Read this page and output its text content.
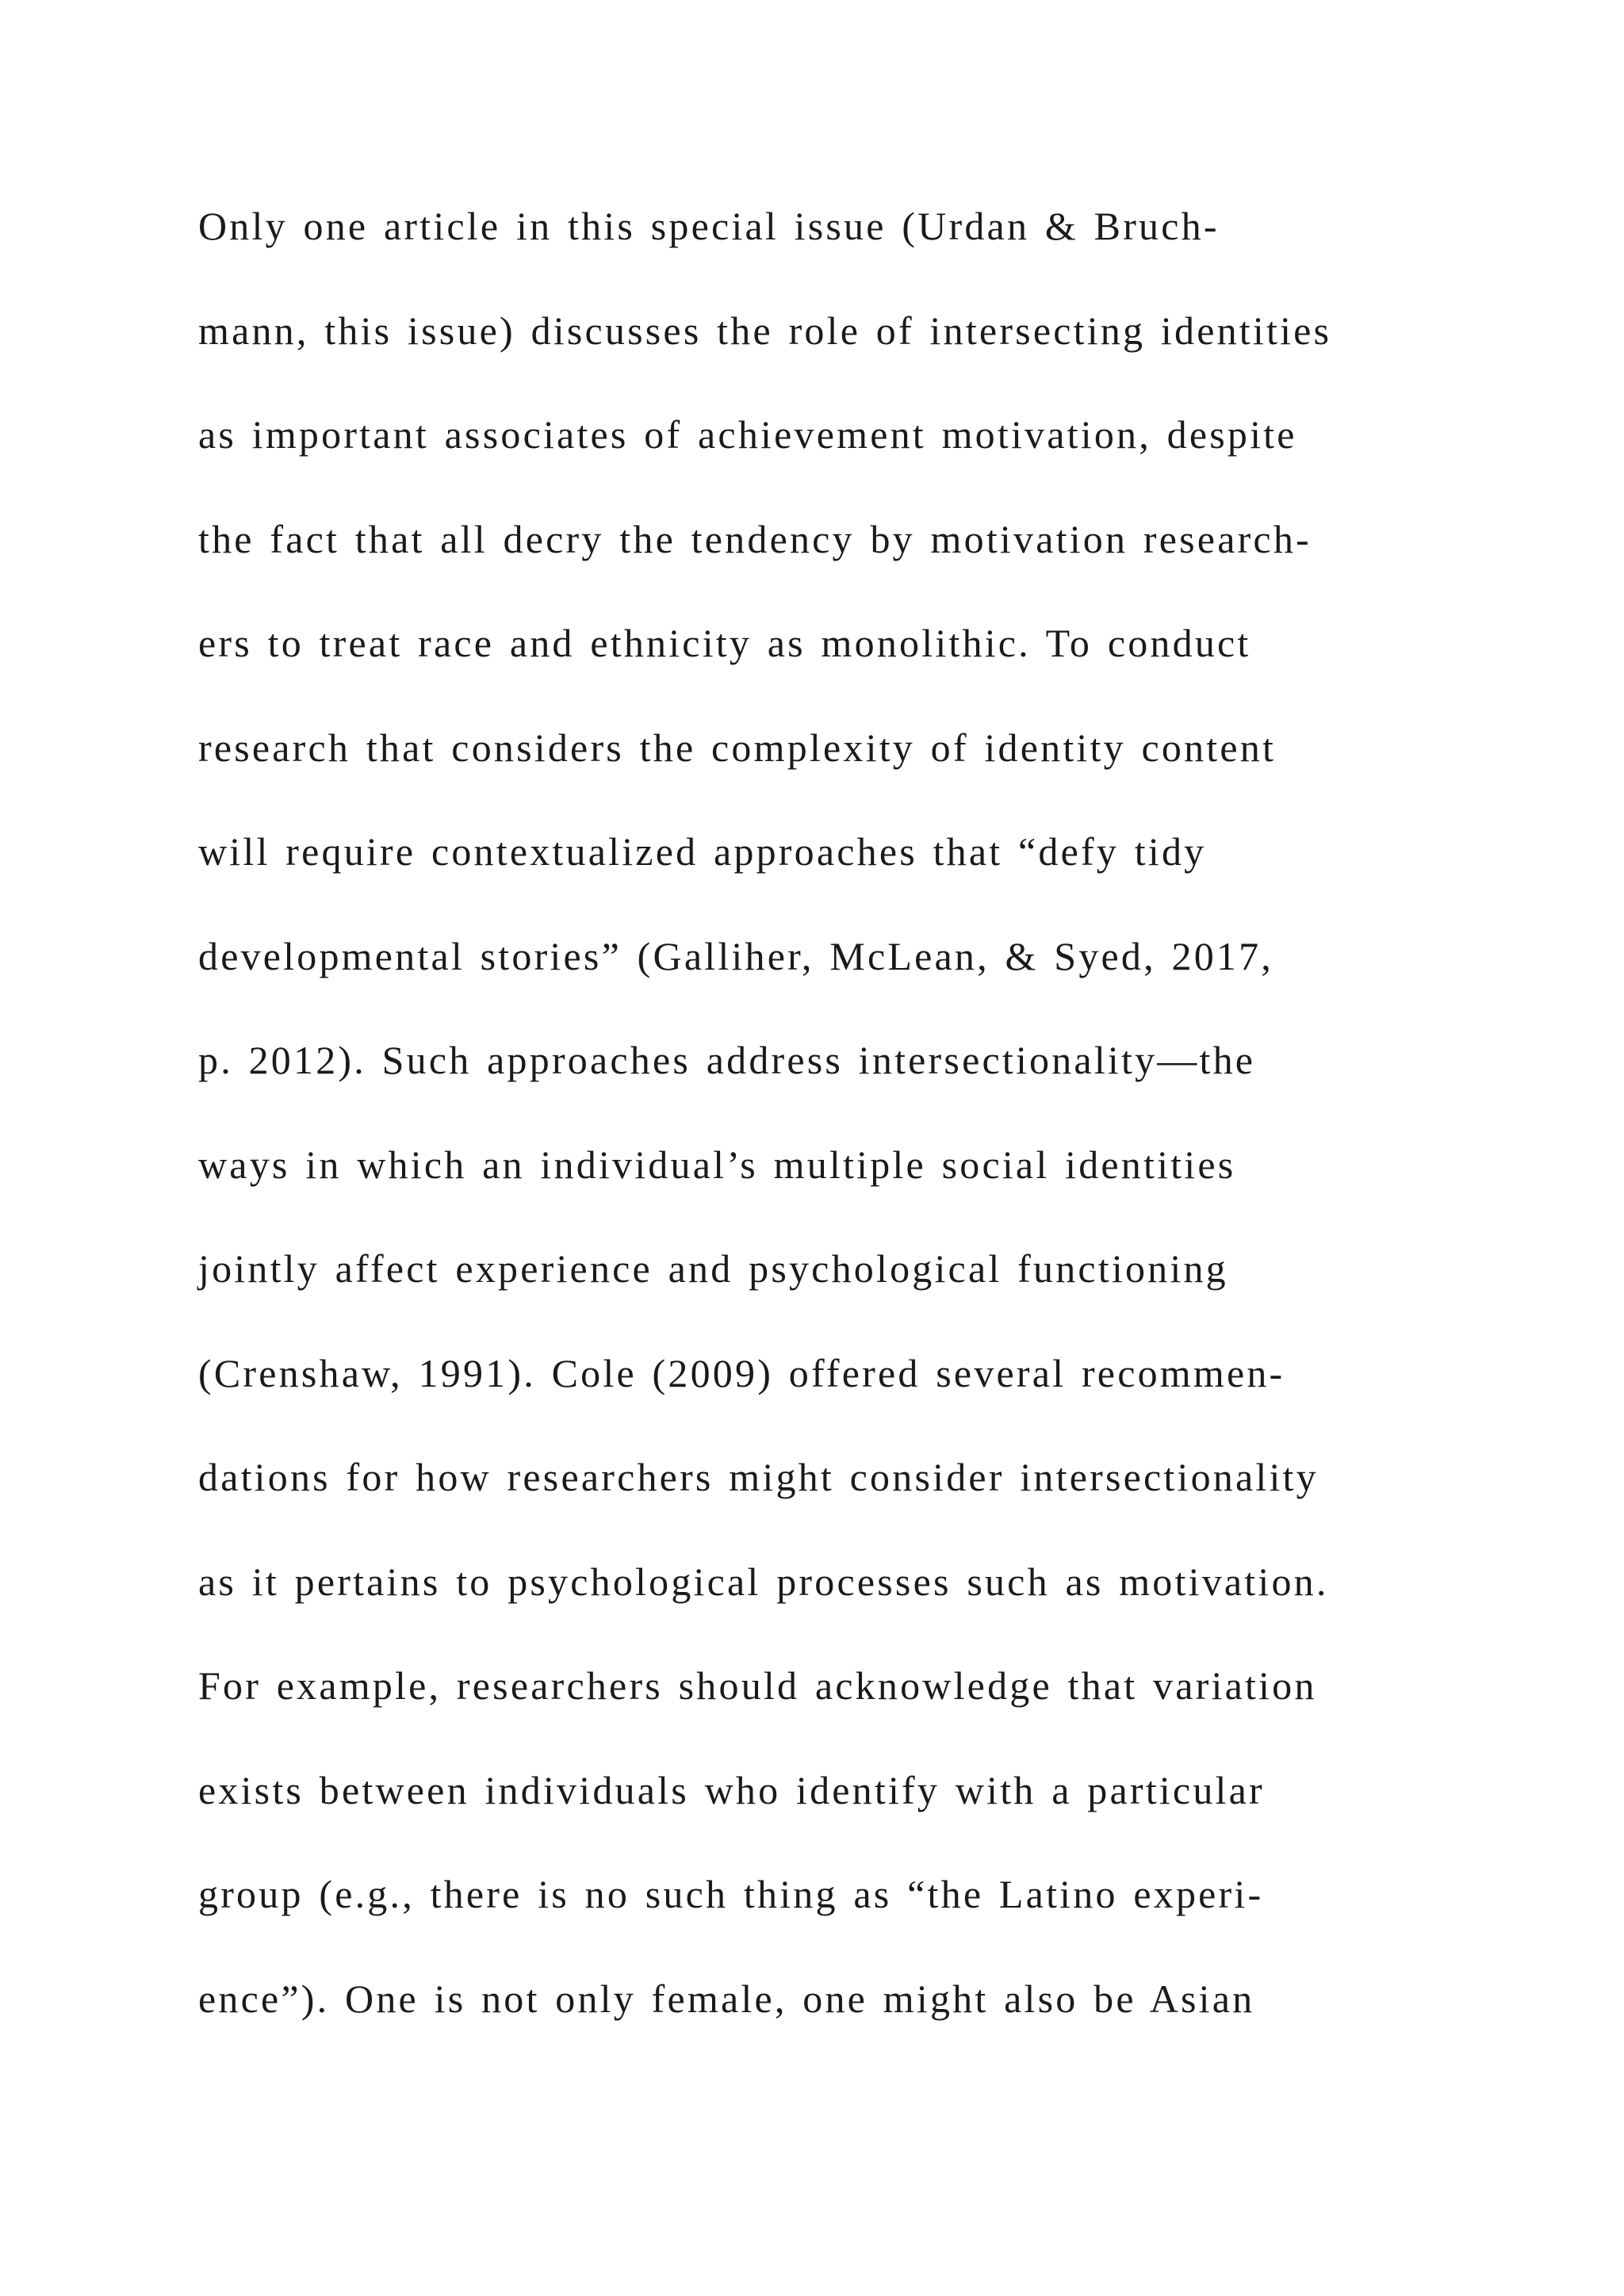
Only one article in this special issue (Urdan & Bruch-
mann, this issue) discusses the role of intersecting identities
as important associates of achievement motivation, despite
the fact that all decry the tendency by motivation research-
ers to treat race and ethnicity as monolithic. To conduct
research that considers the complexity of identity content
will require contextualized approaches that “defy tidy
developmental stories” (Galliher, McLean, & Syed, 2017,
p. 2012). Such approaches address intersectionality—the
ways in which an individual’s multiple social identities
jointly affect experience and psychological functioning
(Crenshaw, 1991). Cole (2009) offered several recommen-
dations for how researchers might consider intersectionality
as it pertains to psychological processes such as motivation.
For example, researchers should acknowledge that variation
exists between individuals who identify with a particular
group (e.g., there is no such thing as “the Latino experi-
ence”). One is not only female, one might also be Asian
